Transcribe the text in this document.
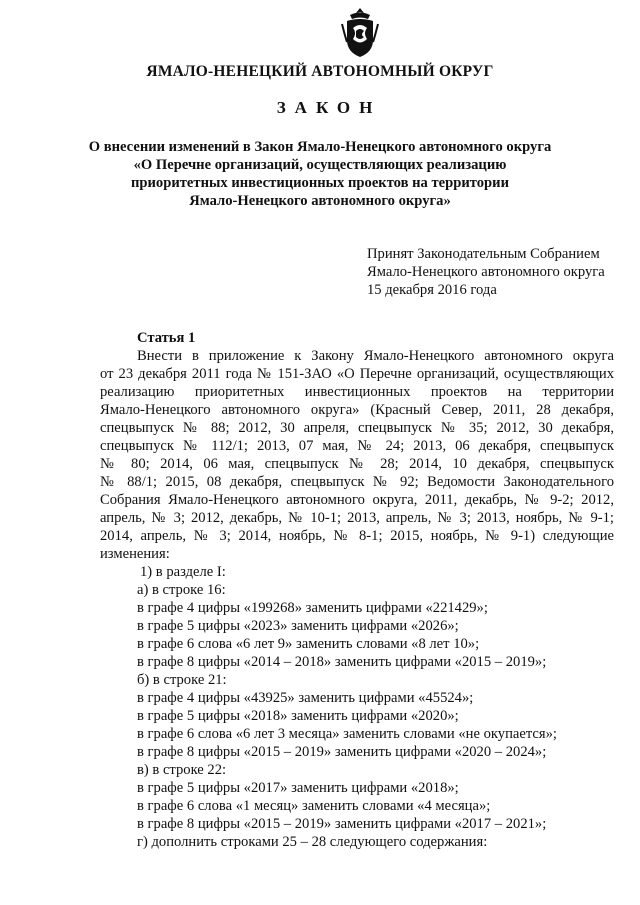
ЯМАЛО-НЕНЕЦКИЙ АВТОНОМНЫЙ ОКРУГ
ЗАКОН
О внесении изменений в Закон Ямало-Ненецкого автономного округа
«О Перечне организаций, осуществляющих реализацию
приоритетных инвестиционных проектов на территории
Ямало-Ненецкого автономного округа»
Принят Законодательным Собранием
Ямало-Ненецкого автономного округа
15 декабря 2016 года
Статья 1
Внести в приложение к Закону Ямало-Ненецкого автономного округа
от 23 декабря 2011 года № 151-ЗАО «О Перечне организаций, осуществляющих
реализацию приоритетных инвестиционных проектов на территории
Ямало-Ненецкого автономного округа» (Красный Север, 2011, 28 декабря,
спецвыпуск № 88; 2012, 30 апреля, спецвыпуск № 35; 2012, 30 декабря,
спецвыпуск № 112/1; 2013, 07 мая, № 24; 2013, 06 декабря, спецвыпуск
№ 80; 2014, 06 мая, спецвыпуск № 28; 2014, 10 декабря, спецвыпуск
№ 88/1; 2015, 08 декабря, спецвыпуск № 92; Ведомости Законодательного
Собрания Ямало-Ненецкого автономного округа, 2011, декабрь, № 9-2; 2012,
апрель, № 3; 2012, декабрь, № 10-1; 2013, апрель, № 3; 2013, ноябрь, № 9-1;
2014, апрель, № 3; 2014, ноябрь, № 8-1; 2015, ноябрь, № 9-1) следующие
изменения:
1) в разделе I:
а) в строке 16:
в графе 4 цифры «199268» заменить цифрами «221429»;
в графе 5 цифры «2023» заменить цифрами «2026»;
в графе 6 слова «6 лет 9» заменить словами «8 лет 10»;
в графе 8 цифры «2014 – 2018» заменить цифрами «2015 – 2019»;
б) в строке 21:
в графе 4 цифры «43925» заменить цифрами «45524»;
в графе 5 цифры «2018» заменить цифрами «2020»;
в графе 6 слова «6 лет 3 месяца» заменить словами «не окупается»;
в графе 8 цифры «2015 – 2019» заменить цифрами «2020 – 2024»;
в) в строке 22:
в графе 5 цифры «2017» заменить цифрами «2018»;
в графе 6 слова «1 месяц» заменить словами «4 месяца»;
в графе 8 цифры «2015 – 2019» заменить цифрами «2017 – 2021»;
г) дополнить строками 25 – 28 следующего содержания:
